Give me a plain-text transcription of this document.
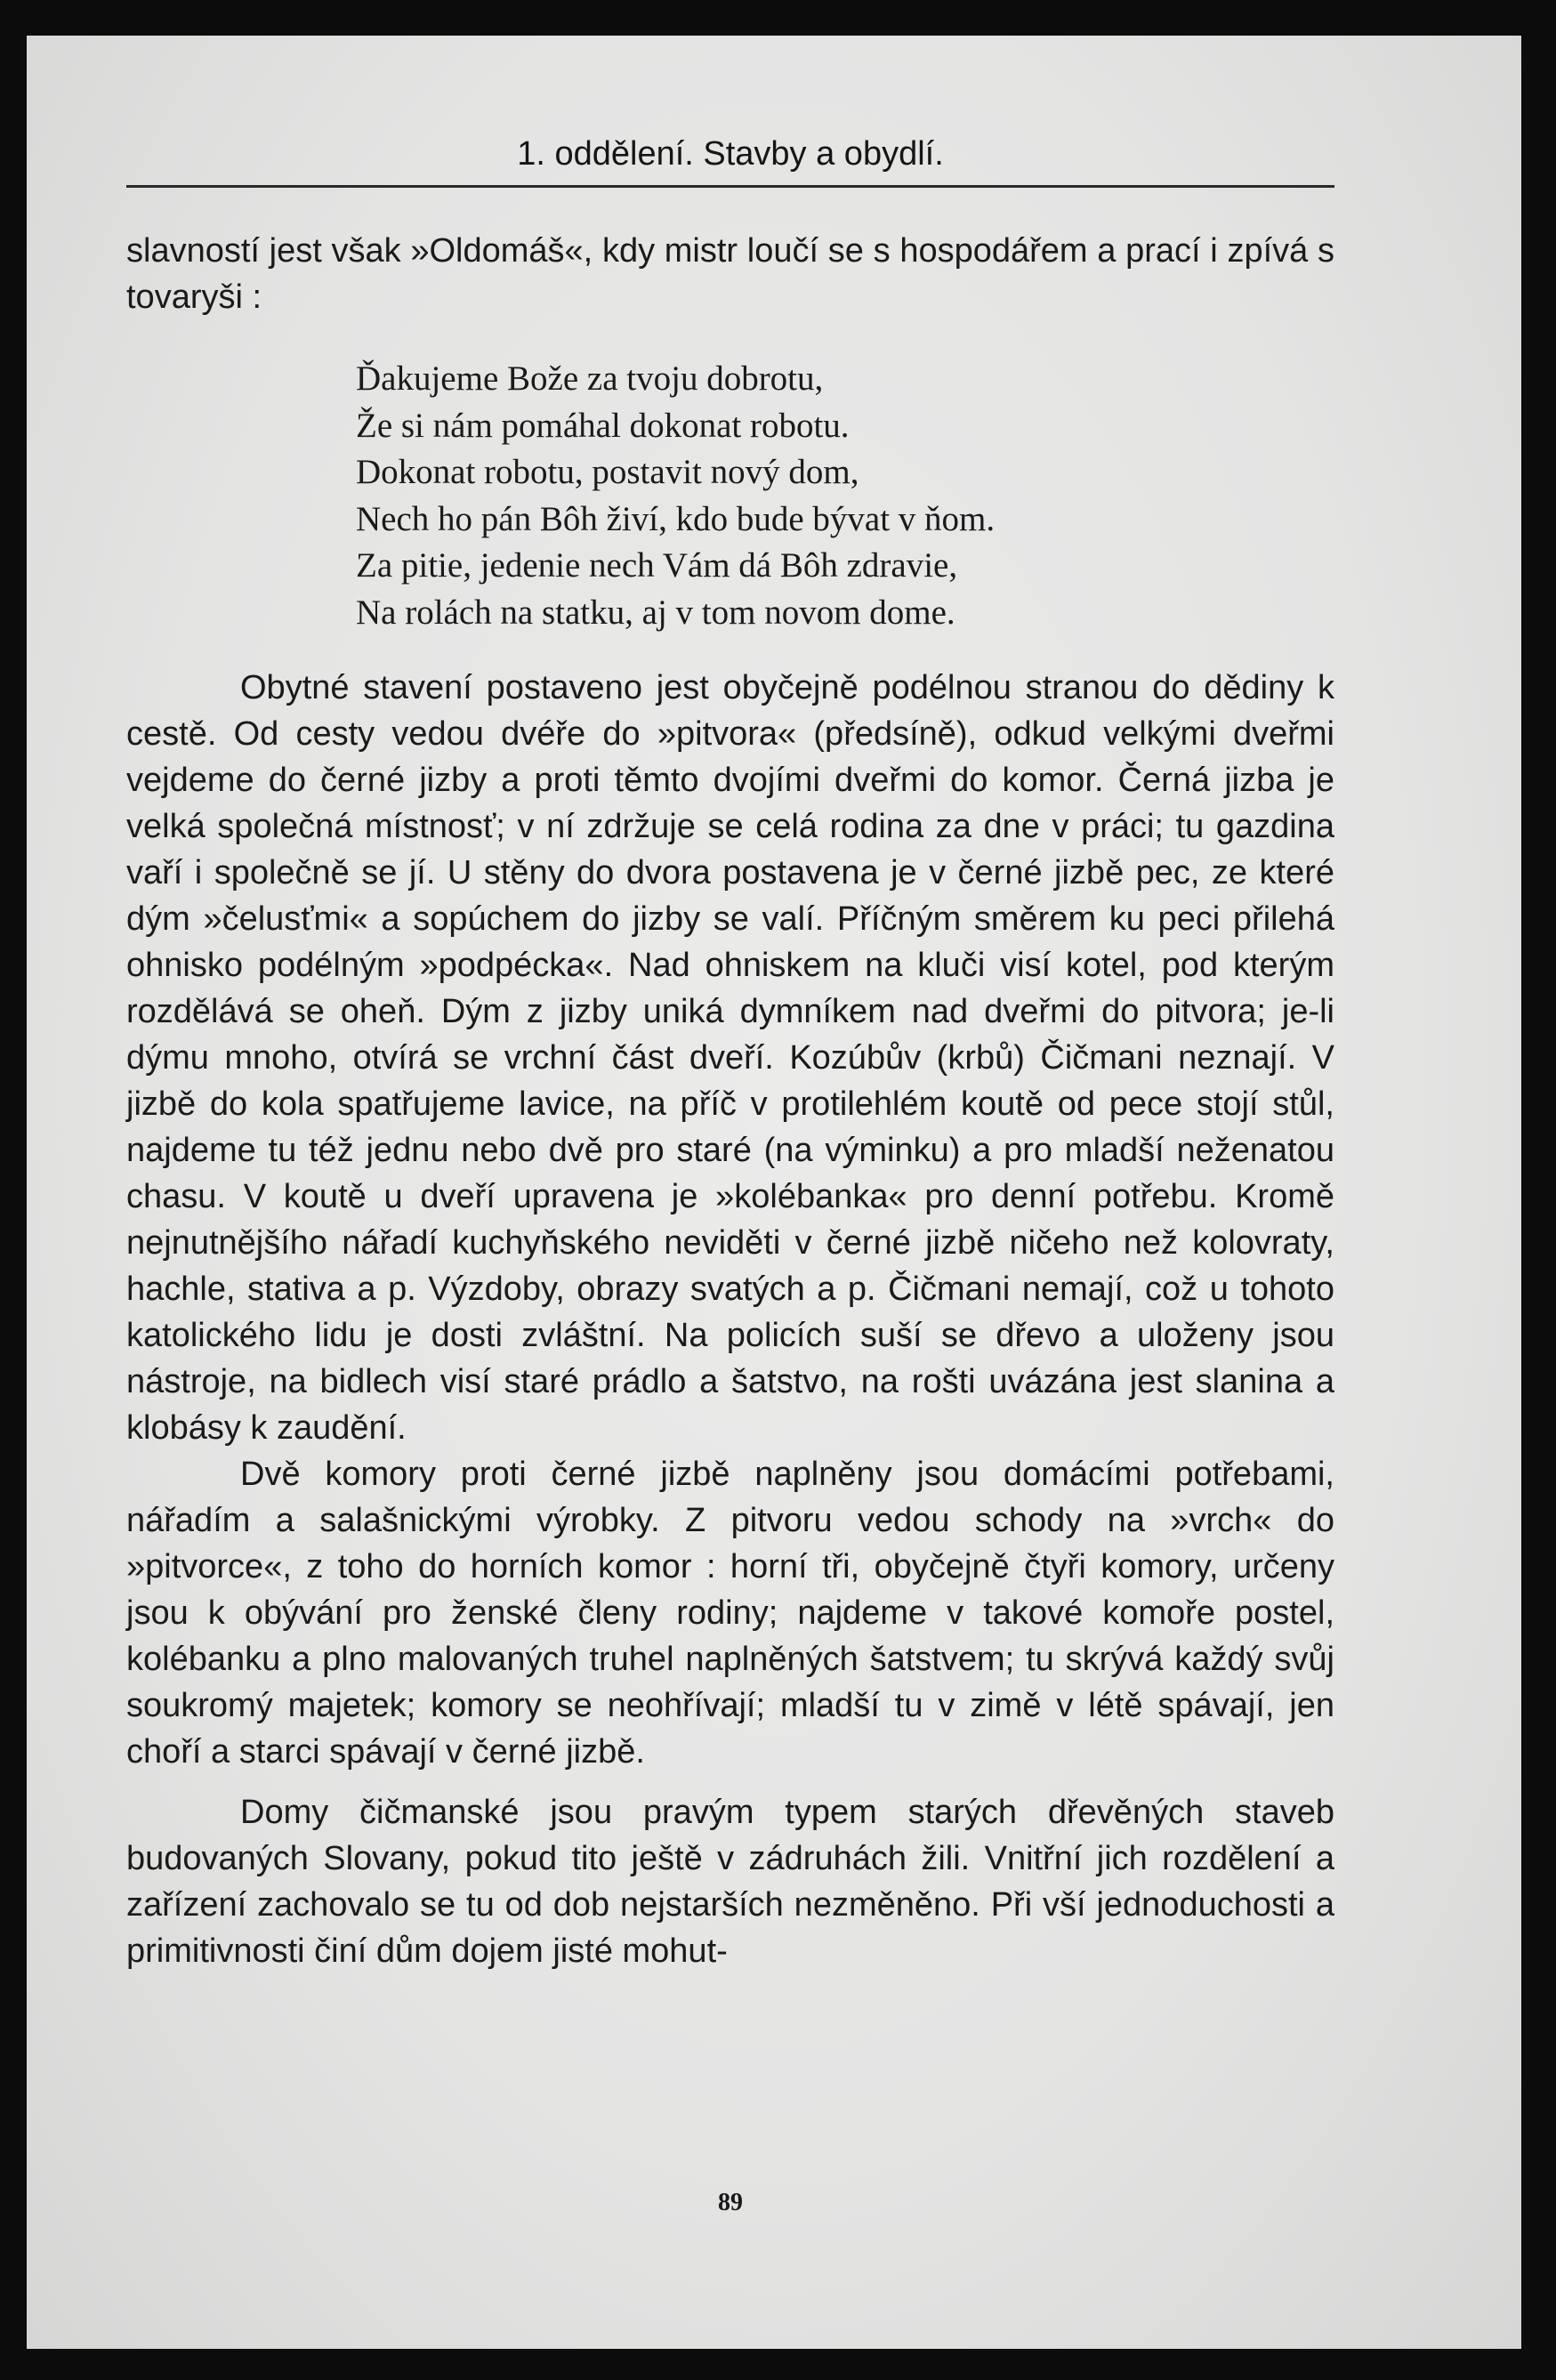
1. oddělení. Stavby a obydlí.

slavností jest však »Oldomáš«, kdy mistr loučí se s hospodářem a prací i zpívá s tovaryši :

Ďakujeme Bože za tvoju dobrotu,
Že si nám pomáhal dokonat robotu.
Dokonat robotu, postavit nový dom,
Nech ho pán Bôh živí, kdo bude bývat v ňom.
Za pitie, jedenie nech Vám dá Bôh zdravie,
Na rolách na statku, aj v tom novom dome.

Obytné stavení postaveno jest obyčejně podélnou stranou do dědiny k cestě. Od cesty vedou dvéře do »pitvora« (předsíně), odkud velkými dveřmi vejdeme do černé jizby a proti těmto dvojími dveřmi do komor. Černá jizba je velká společná místnosť; v ní zdržuje se celá rodina za dne v práci; tu gazdina vaří i společně se jí. U stěny do dvora postavena je v černé jizbě pec, ze které dým »čelusťmi« a sopúchem do jizby se valí. Příčným směrem ku peci přilehá ohnisko podélným »podpécka«. Nad ohniskem na kluči visí kotel, pod kterým rozdělává se oheň. Dým z jizby uniká dymníkem nad dveřmi do pitvora; je-li dýmu mnoho, otvírá se vrchní část dveří. Kozúbův (krbů) Čičmani neznají. V jizbě do kola spatřujeme lavice, na příč v protilehlém koutě od pece stojí stůl, najdeme tu též jednu nebo dvě pro staré (na výminku) a pro mladší neženatou chasu. V koutě u dveří upravena je »kolébanka« pro denní potřebu. Kromě nejnutnějšího nářadí kuchyňského neviděti v černé jizbě ničeho než kolovraty, hachle, stativa a p. Výzdoby, obrazy svatých a p. Čičmani nemají, což u tohoto katolického lidu je dosti zvláštní. Na policích suší se dřevo a uloženy jsou nástroje, na bidlech visí staré prádlo a šatstvo, na rošti uvázána jest slanina a klobásy k zaudění.

Dvě komory proti černé jizbě naplněny jsou domácími potřebami, nářadím a salašnickými výrobky. Z pitvoru vedou schody na »vrch« do »pitvorce«, z toho do horních komor : horní tři, obyčejně čtyři komory, určeny jsou k obývání pro ženské členy rodiny; najdeme v takové komoře postel, kolébanku a plno malovaných truhel naplněných šatstvem; tu skrývá každý svůj soukromý majetek; komory se neohřívají; mladší tu v zimě v létě spávají, jen choří a starci spávají v černé jizbě.

Domy čičmanské jsou pravým typem starých dřevěných staveb budovaných Slovany, pokud tito ještě v zádruhách žili. Vnitřní jich rozdělení a zařízení zachovalo se tu od dob nejstarších nezměněno. Při vší jednoduchosti a primitivnosti činí dům dojem jisté mohut-

89
